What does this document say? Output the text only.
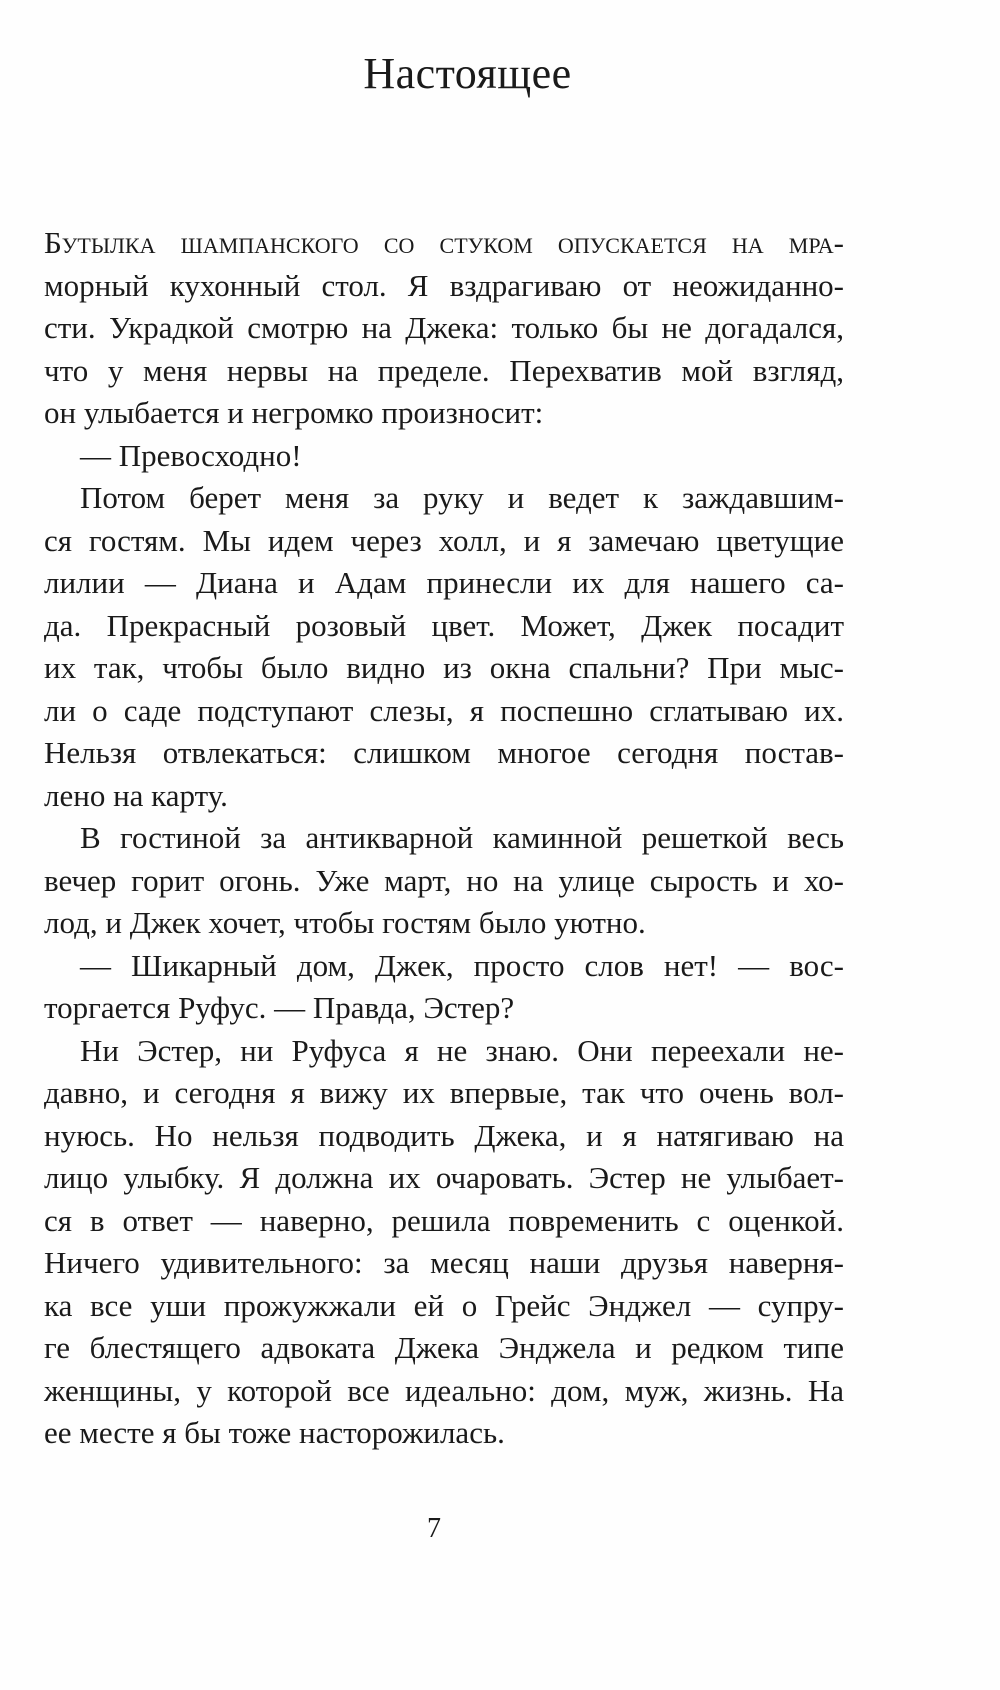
Настоящее
Бутылка шампанского со стуком опускается на мра-
морный кухонный стол. Я вздрагиваю от неожиданно-
сти. Украдкой смотрю на Джека: только бы не догадался,
что у меня нервы на пределе. Перехватив мой взгляд,
он улыбается и негромко произносит:
— Превосходно!
Потом берет меня за руку и ведет к заждавшим-
ся гостям. Мы идем через холл, и я замечаю цветущие
лилии — Диана и Адам принесли их для нашего са-
да. Прекрасный розовый цвет. Может, Джек посадит
их так, чтобы было видно из окна спальни? При мыс-
ли о саде подступают слезы, я поспешно сглатываю их.
Нельзя отвлекаться: слишком многое сегодня постав-
лено на карту.
В гостиной за антикварной каминной решеткой весь
вечер горит огонь. Уже март, но на улице сырость и хо-
лод, и Джек хочет, чтобы гостям было уютно.
— Шикарный дом, Джек, просто слов нет! — вос-
торгается Руфус. — Правда, Эстер?
Ни Эстер, ни Руфуса я не знаю. Они переехали не-
давно, и сегодня я вижу их впервые, так что очень вол-
нуюсь. Но нельзя подводить Джека, и я натягиваю на
лицо улыбку. Я должна их очаровать. Эстер не улыбает-
ся в ответ — наверно, решила повременить с оценкой.
Ничего удивительного: за месяц наши друзья наверня-
ка все уши прожужжали ей о Грейс Энджел — супру-
ге блестящего адвоката Джека Энджела и редком типе
женщины, у которой все идеально: дом, муж, жизнь. На
ее месте я бы тоже насторожилась.
7
